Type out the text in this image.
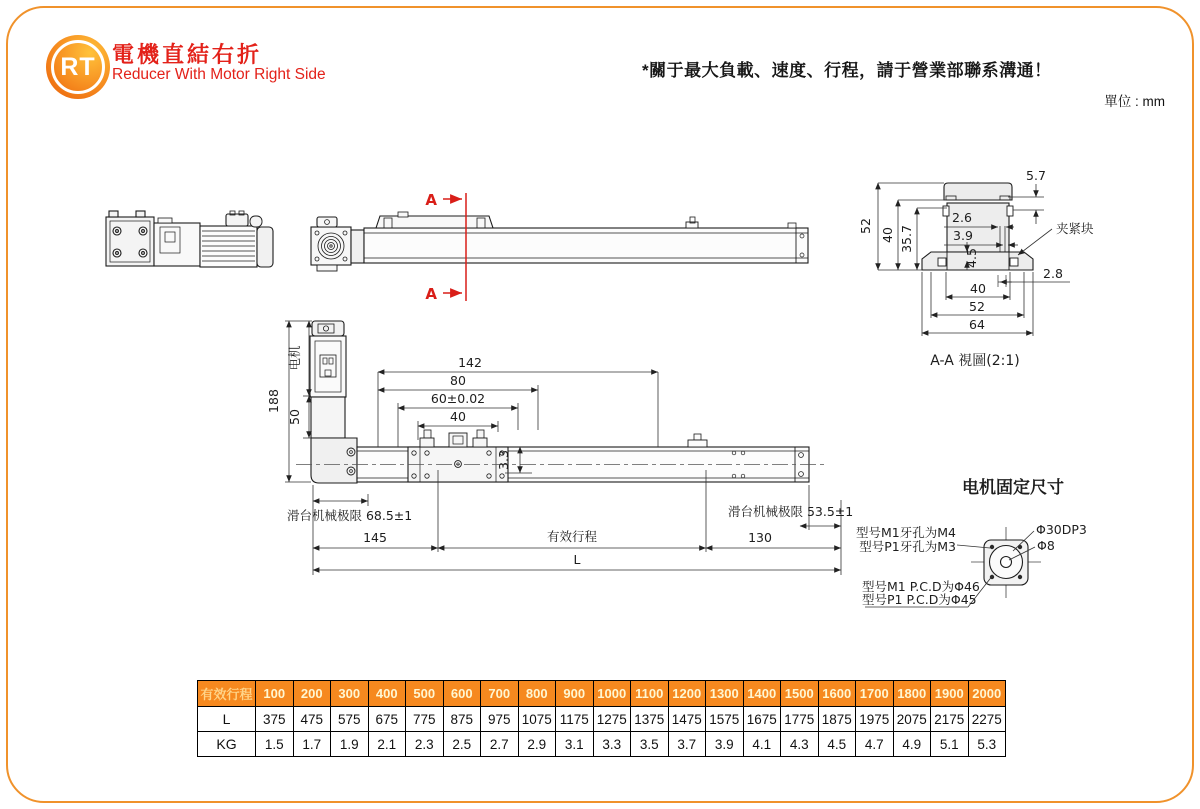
RT 電機直結右折
Reducer With Motor Right Side	*關于最大負載、速度、行程，請于營業部聯系溝通！
單位 : mm
A
A
52
40 35.7
5.7
2.6
3.9
4.5
2.8
40
52
64
夹紧块
A-A 視圖(2:1)
188
电机
50
142
80
60±0.02
40
3.3
滑台机械极限 68.5±1	滑台机械极限 53.5±1
145	有效行程	130
L
电机固定尺寸
型号M1牙孔为M4
型号P1牙孔为M3
Φ30DP3
Φ8
型号M1 P.C.D为Φ46
型号P1 P.C.D为Φ45
有效行程	100	200	300	400	500	600	700	800	900	1000	1100	1200	1300	1400	1500	1600	1700	1800	1900	2000
L	375	475	575	675	775	875	975	1075	1175	1275	1375	1475	1575	1675	1775	1875	1975	2075	2175	2275
KG	1.5	1.7	1.9	2.1	2.3	2.5	2.7	2.9	3.1	3.3	3.5	3.7	3.9	4.1	4.3	4.5	4.7	4.9	5.1	5.3
